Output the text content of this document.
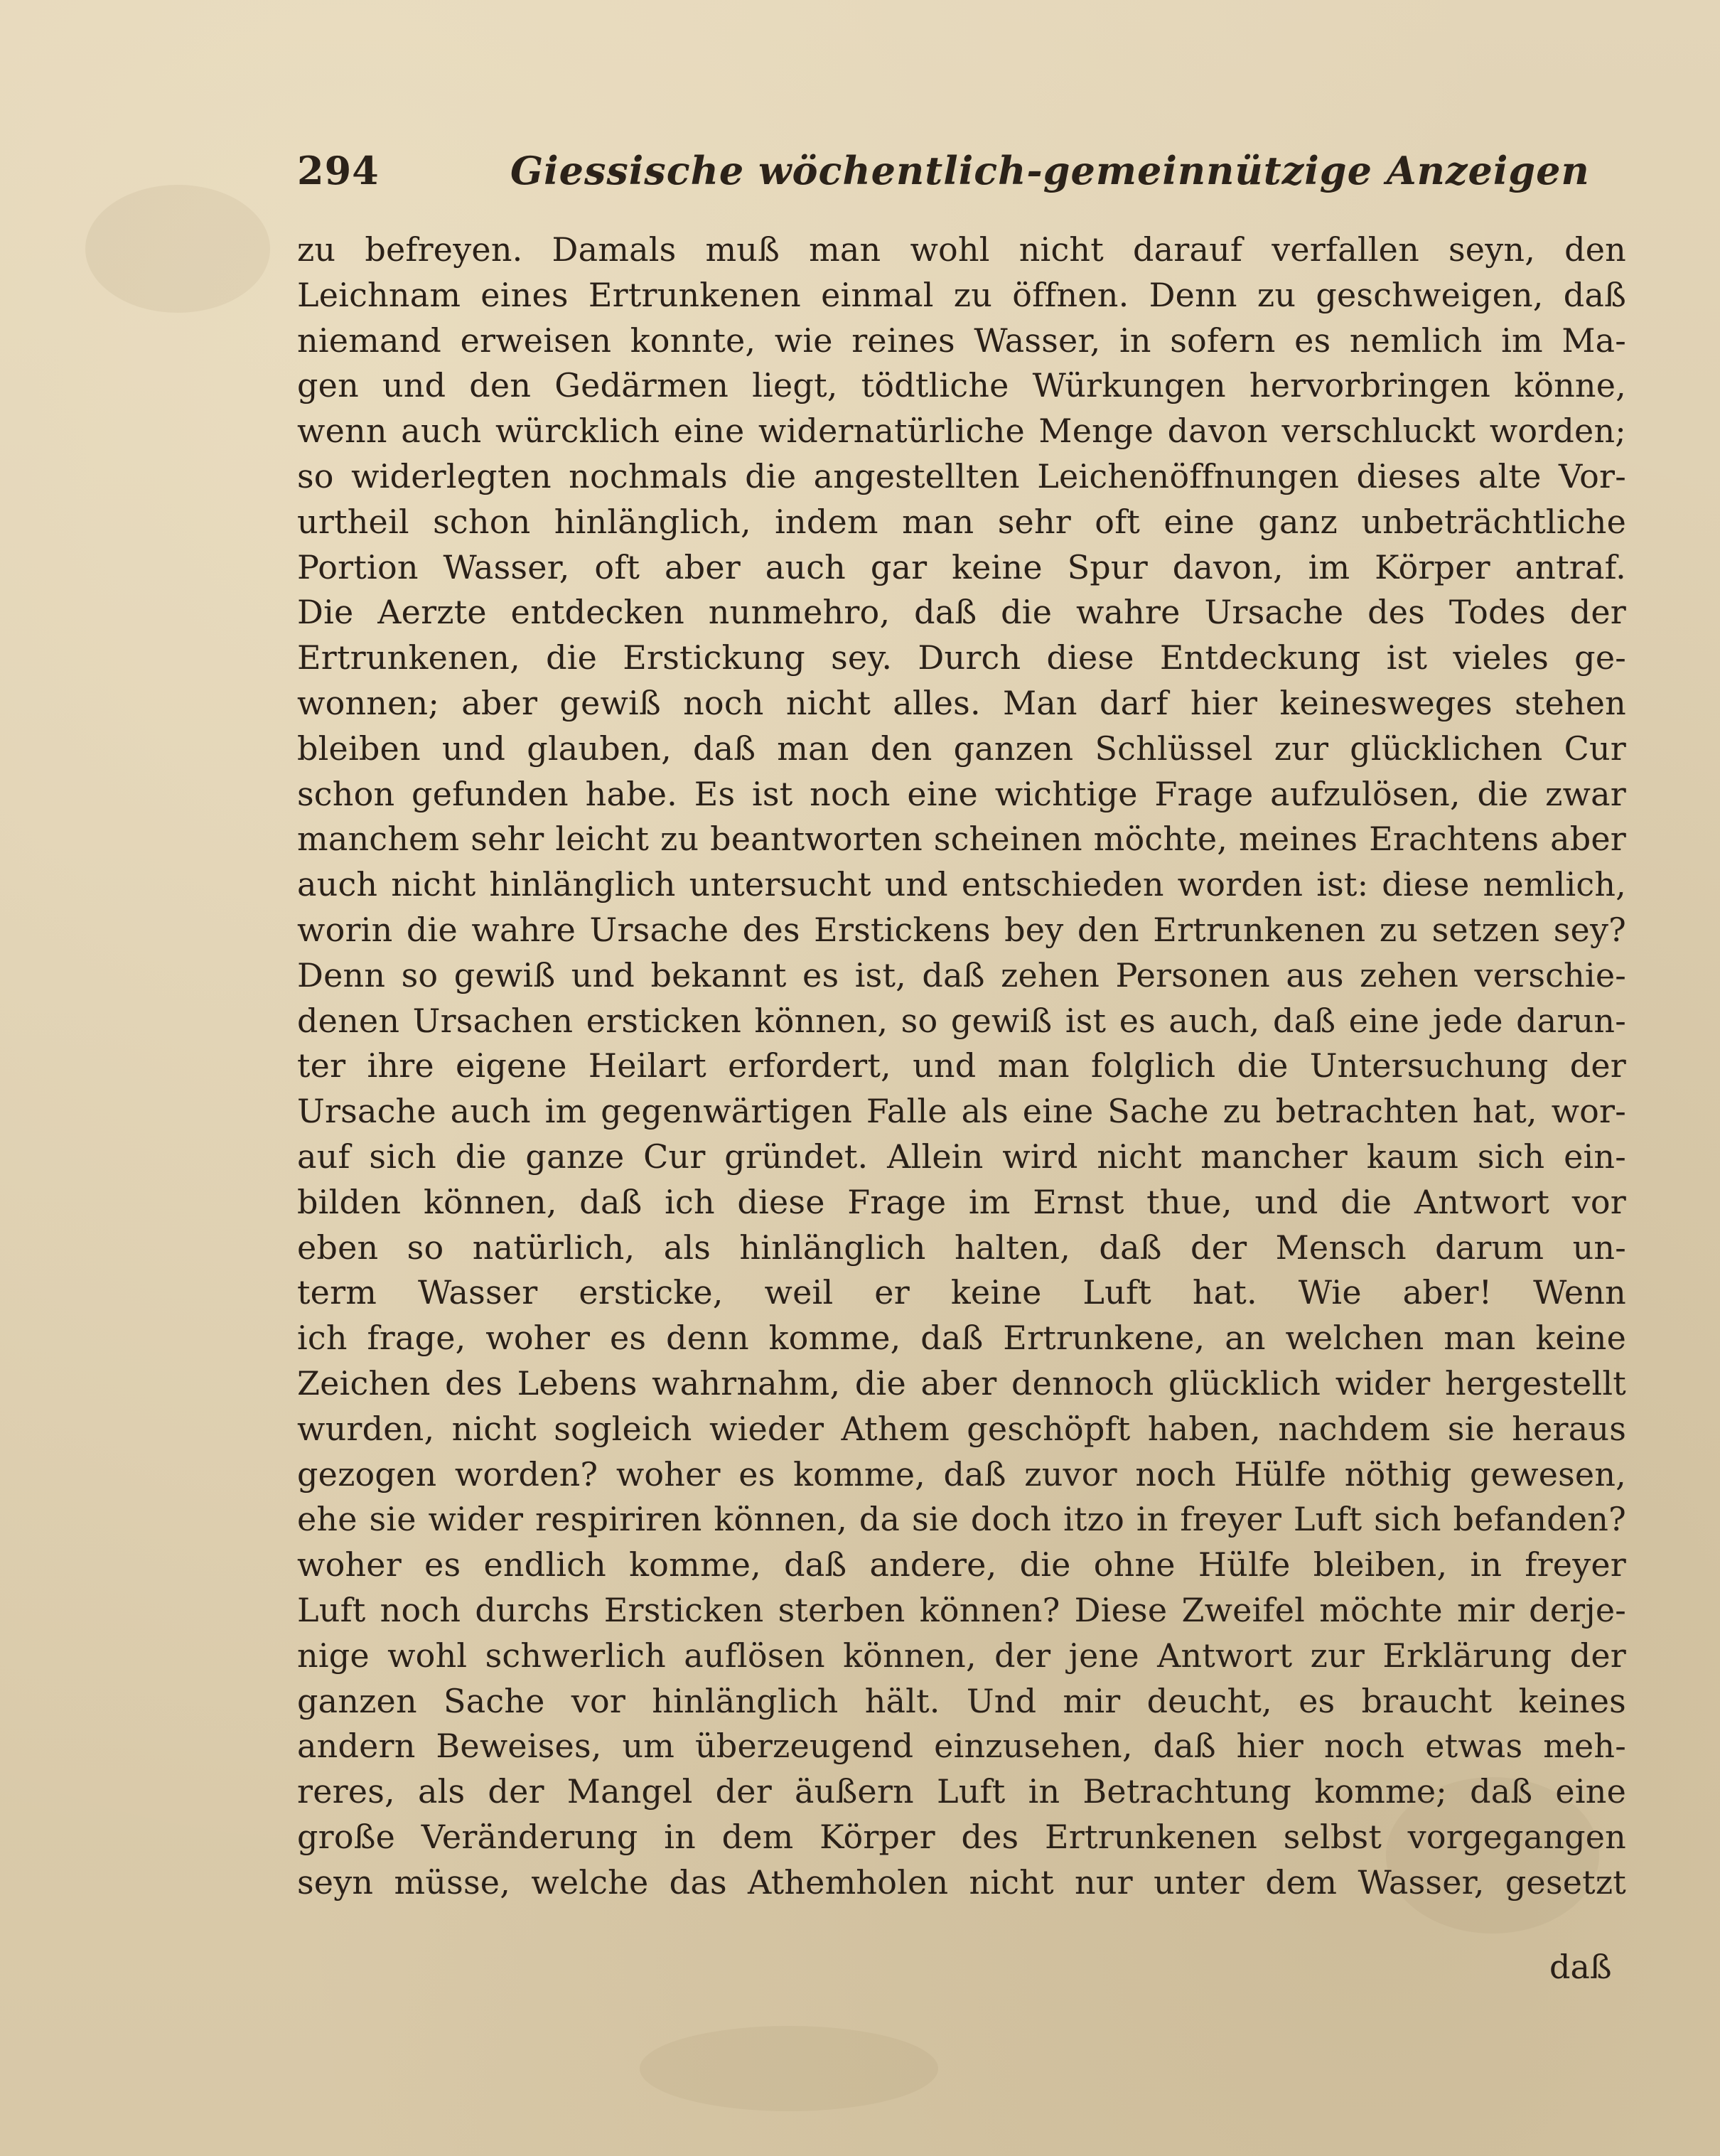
294	Giessische wöchentlich-gemeinnützige Anzeigen
zu befreyen. Damals muß man wohl nicht darauf verfallen seyn, den
Leichnam eines Ertrunkenen einmal zu öffnen. Denn zu geschweigen, daß
niemand erweisen konnte, wie reines Wasser, in sofern es nemlich im Ma-
gen und den Gedärmen liegt, tödtliche Würkungen hervorbringen könne,
wenn auch würcklich eine widernatürliche Menge davon verschluckt worden;
so widerlegten nochmals die angestellten Leichenöffnungen dieses alte Vor-
urtheil schon hinlänglich, indem man sehr oft eine ganz unbeträchtliche
Portion Wasser, oft aber auch gar keine Spur davon, im Körper antraf.
Die Aerzte entdecken nunmehro, daß die wahre Ursache des Todes der
Ertrunkenen, die Erstickung sey. Durch diese Entdeckung ist vieles ge-
wonnen; aber gewiß noch nicht alles. Man darf hier keinesweges stehen
bleiben und glauben, daß man den ganzen Schlüssel zur glücklichen Cur
schon gefunden habe. Es ist noch eine wichtige Frage aufzulösen, die zwar
manchem sehr leicht zu beantworten scheinen möchte, meines Erachtens aber
auch nicht hinlänglich untersucht und entschieden worden ist: diese nemlich,
worin die wahre Ursache des Erstickens bey den Ertrunkenen zu setzen sey?
Denn so gewiß und bekannt es ist, daß zehen Personen aus zehen verschie-
denen Ursachen ersticken können, so gewiß ist es auch, daß eine jede darun-
ter ihre eigene Heilart erfordert, und man folglich die Untersuchung der
Ursache auch im gegenwärtigen Falle als eine Sache zu betrachten hat, wor-
auf sich die ganze Cur gründet. Allein wird nicht mancher kaum sich ein-
bilden können, daß ich diese Frage im Ernst thue, und die Antwort vor
eben so natürlich, als hinlänglich halten, daß der Mensch darum un-
term Wasser ersticke, weil er keine Luft hat. Wie aber! Wenn
ich frage, woher es denn komme, daß Ertrunkene, an welchen man keine
Zeichen des Lebens wahrnahm, die aber dennoch glücklich wider hergestellt
wurden, nicht sogleich wieder Athem geschöpft haben, nachdem sie heraus
gezogen worden? woher es komme, daß zuvor noch Hülfe nöthig gewesen,
ehe sie wider respiriren können, da sie doch itzo in freyer Luft sich befanden?
woher es endlich komme, daß andere, die ohne Hülfe bleiben, in freyer
Luft noch durchs Ersticken sterben können? Diese Zweifel möchte mir derje-
nige wohl schwerlich auflösen können, der jene Antwort zur Erklärung der
ganzen Sache vor hinlänglich hält. Und mir deucht, es braucht keines
andern Beweises, um überzeugend einzusehen, daß hier noch etwas meh-
reres, als der Mangel der äußern Luft in Betrachtung komme; daß eine
große Veränderung in dem Körper des Ertrunkenen selbst vorgegangen
seyn müsse, welche das Athemholen nicht nur unter dem Wasser, gesetzt
daß
